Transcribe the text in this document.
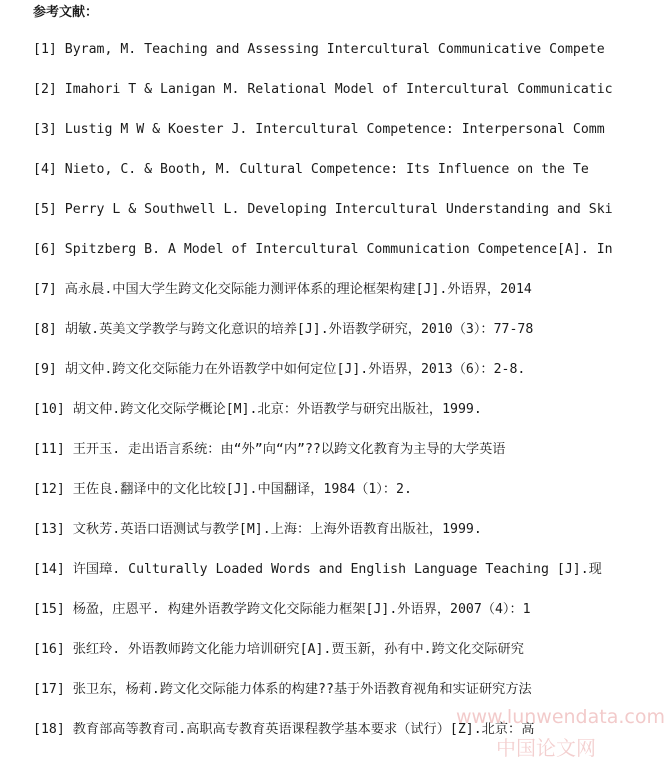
参考文献：
[1] Byram, M. Teaching and Assessing Intercultural Communicative Compete
[2] Imahori T & Lanigan M. Relational Model of Intercultural Communicatic
[3] Lustig M W & Koester J. Intercultural Competence: Interpersonal Comm
[4] Nieto, C. & Booth, M. Cultural Competence: Its Influence on the Te
[5] Perry L & Southwell L. Developing Intercultural Understanding and Ski
[6] Spitzberg B. A Model of Intercultural Communication Competence[A]. In
[7] 高永晨.中国大学生跨文化交际能力测评体系的理论框架构建[J].外语界，2014
[8] 胡敏.英美文学教学与跨文化意识的培养[J].外语教学研究，2010（3）：77-78
[9] 胡文仲.跨文化交际能力在外语教学中如何定位[J].外语界，2013（6）：2-8.
[10] 胡文仲.跨文化交际学概论[M].北京：外语教学与研究出版社，1999.
[11] 王开玉. 走出语言系统：由“外”向“内”??以跨文化教育为主导的大学英语
[12] 王佐良.翻译中的文化比较[J].中国翻译，1984（1）：2.
[13] 文秋芳.英语口语测试与教学[M].上海：上海外语教育出版社，1999.
[14] 许国璋. Culturally Loaded Words and English Language Teaching [J].现
[15] 杨盈，庄恩平. 构建外语教学跨文化交际能力框架[J].外语界，2007（4）：1
[16] 张红玲. 外语教师跨文化能力培训研究[A].贾玉新，孙有中.跨文化交际研究
[17] 张卫东，杨莉.跨文化交际能力体系的构建??基于外语教育视角和实证研究方法
[18] 教育部高等教育司.高职高专教育英语课程教学基本要求（试行）[Z].北京：高
www.lunwendata.com
中国论文网
